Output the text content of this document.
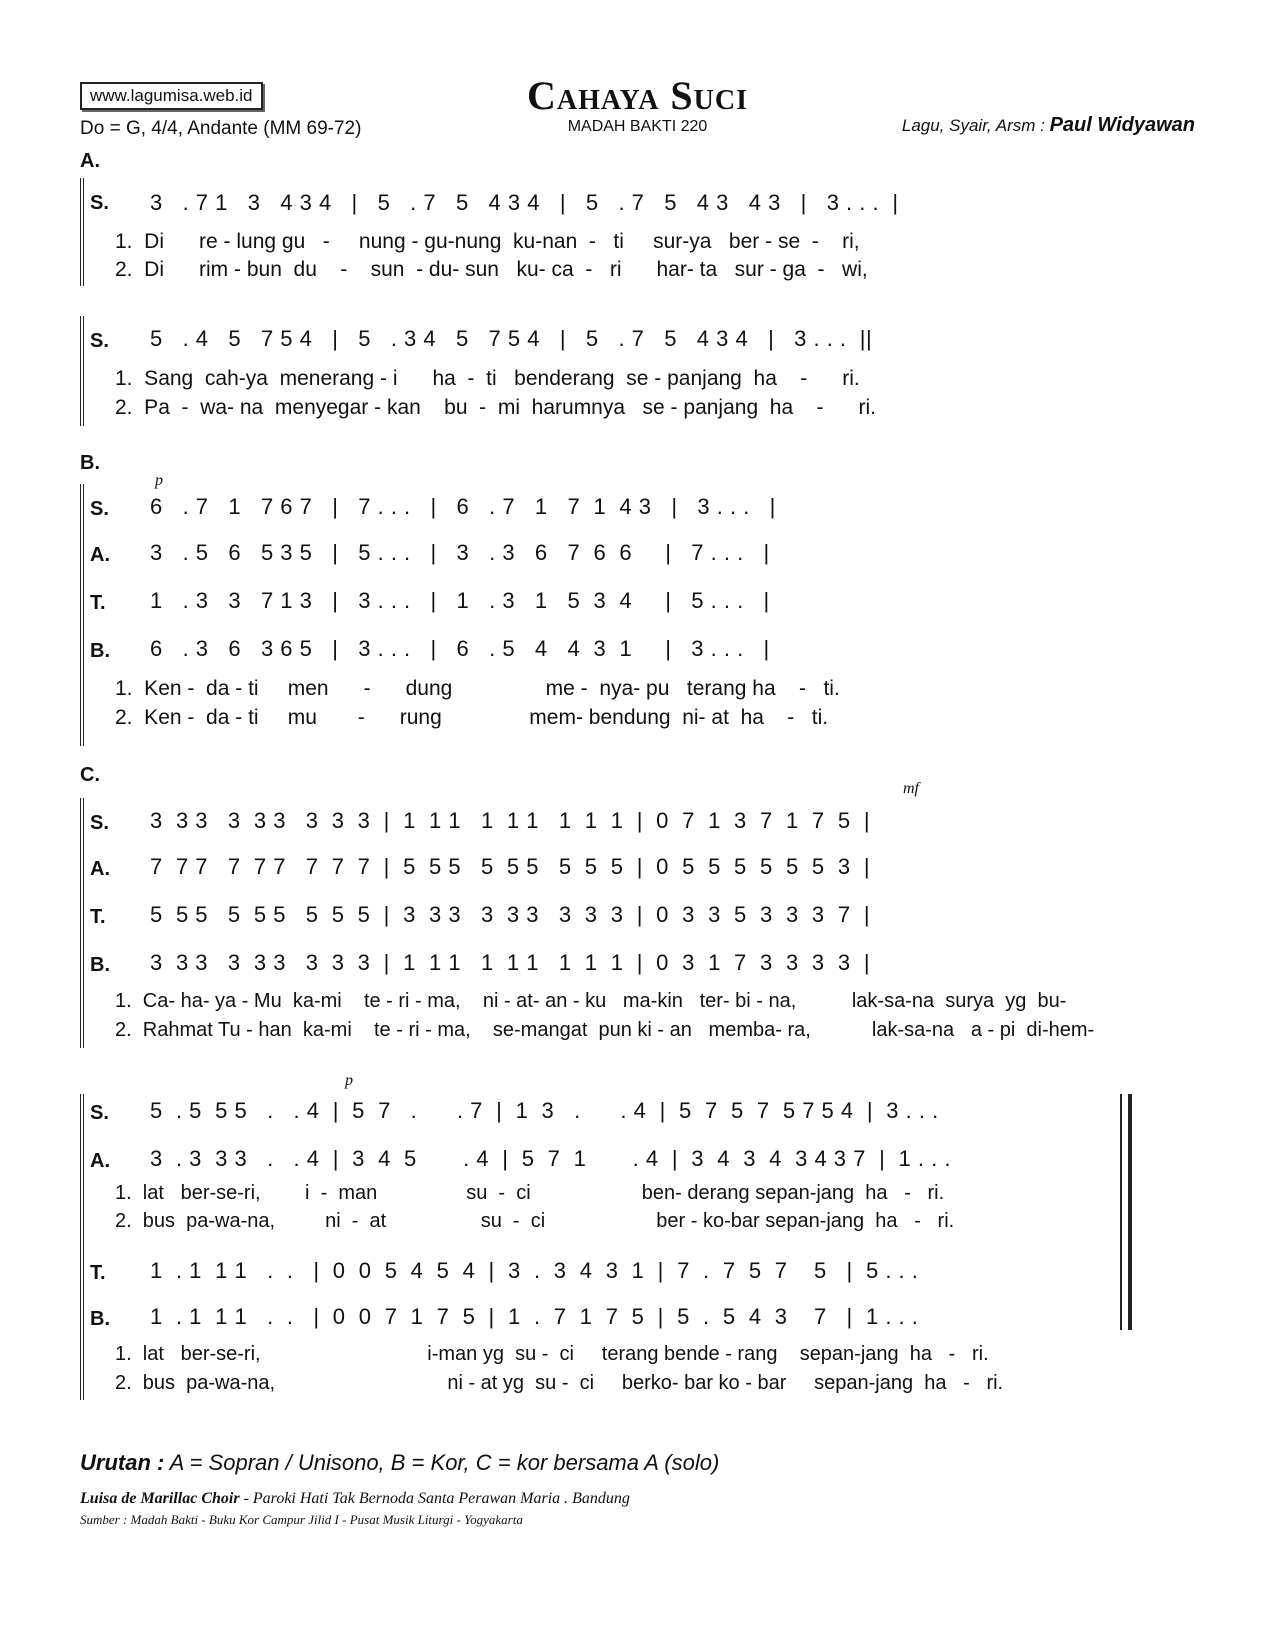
www.lagumisa.web.id	Cahaya Suci
MADAH BAKTI 220
Do = G, 4/4, Andante (MM 69-72)	Lagu, Syair, Arsm : Paul Widyawan
A.
S. 3   . 7 1   3   4 3 4   |   5   . 7   5   4 3 4   |   5   . 7   5   4 3   4 3   |   3 . . .  |
1.  Di      re - lung gu   -     nung - gu-nung  ku-nan  -   ti     sur-ya   ber - se  -    ri,
2.  Di      rim - bun  du    -    sun  - du- sun   ku- ca  -   ri      har- ta   sur - ga  -   wi,
S. 5   . 4   5   7 5 4   |   5   . 3 4   5   7 5 4   |   5   . 7   5   4 3 4   |   3 . . .  ||
1.  Sang  cah-ya  menerang - i      ha  -  ti   benderang  se - panjang  ha    -      ri.
2.  Pa  -  wa- na  menyegar - kan    bu  -  mi  harumnya   se - panjang  ha    -      ri.
B.
p
S. 6   . 7   1   7 6 7   |   7 . . .   |   6   . 7   1   7  1  4 3   |   3 . . .   |
A. 3   . 5   6   5 3 5   |   5 . . .   |   3   . 3   6   7  6  6     |   7 . . .   |
T. 1   . 3   3   7 1 3   |   3 . . .   |   1   . 3   1   5  3  4     |   5 . . .   |
B. 6   . 3   6   3 6 5   |   3 . . .   |   6   . 5   4   4  3  1     |   3 . . .   |
1.  Ken -  da - ti     men      -      dung                me -  nya- pu   terang ha    -   ti.
2.  Ken -  da - ti     mu       -      rung               mem- bendung  ni- at  ha    -   ti.
C.
mf
S. 3  3 3   3  3 3   3  3  3  |  1  1 1   1  1 1   1  1  1  |  0  7  1  3  7  1  7  5  |
A. 7  7 7   7  7 7   7  7  7  |  5  5 5   5  5 5   5  5  5  |  0  5  5  5  5  5  5  3  |
T. 5  5 5   5  5 5   5  5  5  |  3  3 3   3  3 3   3  3  3  |  0  3  3  5  3  3  3  7  |
B. 3  3 3   3  3 3   3  3  3  |  1  1 1   1  1 1   1  1  1  |  0  3  1  7  3  3  3  3  |
1.  Ca- ha- ya - Mu  ka-mi    te - ri - ma,    ni - at- an - ku   ma-kin   ter- bi - na,          lak-sa-na  surya  yg  bu-
2.  Rahmat Tu - han  ka-mi    te - ri - ma,    se-mangat  pun ki - an   memba- ra,           lak-sa-na   a - pi  di-hem-
p
S. 5  . 5  5 5   .   . 4  |  5  7   .      . 7  |  1  3   .      . 4  |  5  7  5  7  5 7 5 4  |  3 . . .
A. 3  . 3  3 3   .   . 4  |  3  4  5       . 4  |  5  7  1       . 4  |  3  4  3  4  3 4 3 7  |  1 . . .
1.  lat   ber-se-ri,        i  -  man                su  -  ci                    ben- derang sepan-jang  ha   -   ri.
2.  bus  pa-wa-na,         ni  -  at                 su  -  ci                    ber - ko-bar sepan-jang  ha   -   ri.
T. 1  . 1  1 1   .  .   |  0  0  5  4  5  4  |  3  .  3  4  3  1  |  7  .  7  5  7    5   |  5 . . .
B. 1  . 1  1 1   .  .   |  0  0  7  1  7  5  |  1  .  7  1  7  5  |  5  .  5  4  3    7   |  1 . . .
1.  lat   ber-se-ri,                              i-man yg  su -  ci     terang bende - rang    sepan-jang  ha   -   ri.
2.  bus  pa-wa-na,                               ni - at yg  su -  ci     berko- bar ko - bar     sepan-jang  ha   -   ri.
Urutan : A = Sopran / Unisono, B = Kor, C = kor bersama A (solo)
Luisa de Marillac Choir - Paroki Hati Tak Bernoda Santa Perawan Maria . Bandung
Sumber : Madah Bakti - Buku Kor Campur Jilid I - Pusat Musik Liturgi - Yogyakarta
